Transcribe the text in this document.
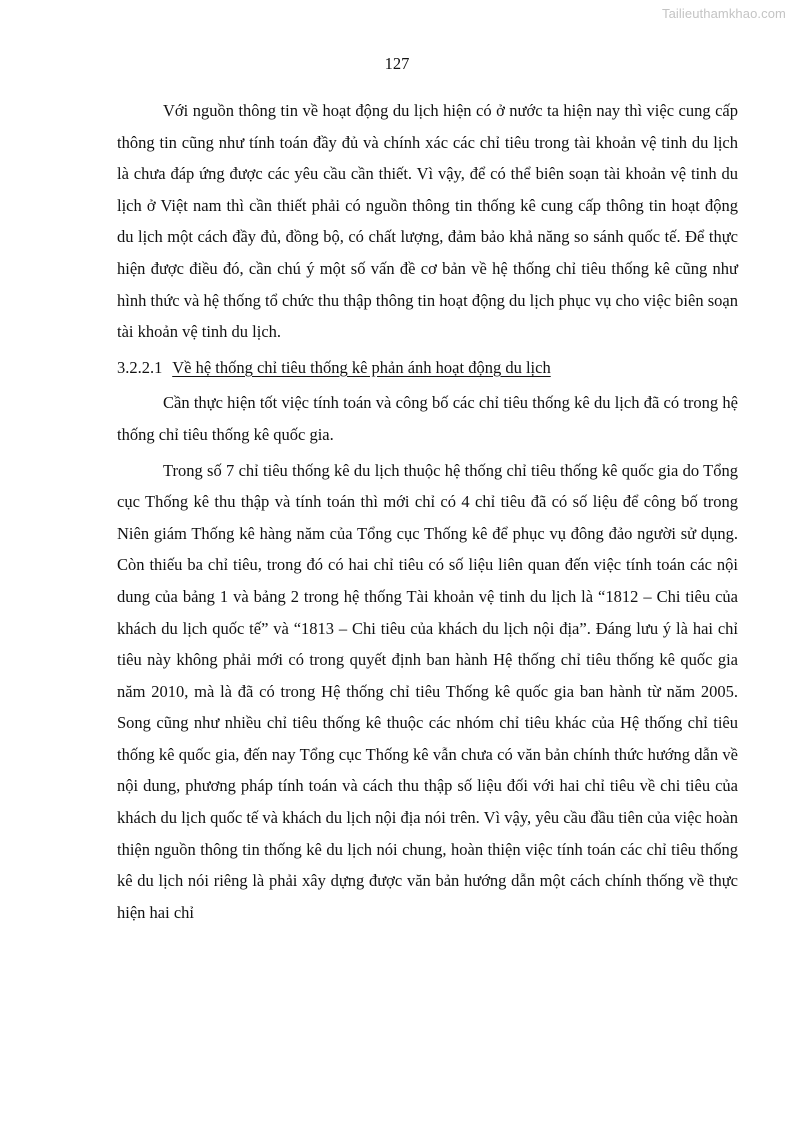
Tailieuthamkhao.com
127

Với nguồn thông tin về hoạt động du lịch hiện có ở nước ta hiện nay thì việc cung cấp thông tin cũng như tính toán đầy đủ và chính xác các chỉ tiêu trong tài khoản vệ tinh du lịch là chưa đáp ứng được các yêu cầu cần thiết. Vì vậy, để có thể biên soạn tài khoản vệ tinh du lịch ở Việt nam thì cần thiết phải có nguồn thông tin thống kê cung cấp thông tin hoạt động du lịch một cách đầy đủ, đồng bộ, có chất lượng, đảm bảo khả năng so sánh quốc tế. Để thực hiện được điều đó, cần chú ý một số vấn đề cơ bản về hệ thống chỉ tiêu thống kê cũng như hình thức và hệ thống tổ chức thu thập thông tin hoạt động du lịch phục vụ cho việc biên soạn tài khoản vệ tinh du lịch.

3.2.2.1 Về hệ thống chỉ tiêu thống kê phản ánh hoạt động du lịch

Cần thực hiện tốt việc tính toán và công bố các chỉ tiêu thống kê du lịch đã có trong hệ thống chỉ tiêu thống kê quốc gia.

Trong số 7 chỉ tiêu thống kê du lịch thuộc hệ thống chỉ tiêu thống kê quốc gia do Tổng cục Thống kê thu thập và tính toán thì mới chỉ có 4 chỉ tiêu đã có số liệu để công bố trong Niên giám Thống kê hàng năm của Tổng cục Thống kê để phục vụ đông đảo người sử dụng. Còn thiếu ba chỉ tiêu, trong đó có hai chỉ tiêu có số liệu liên quan đến việc tính toán các nội dung của bảng 1 và bảng 2 trong hệ thống Tài khoản vệ tinh du lịch là “1812 – Chi tiêu của khách du lịch quốc tế” và “1813 – Chi tiêu của khách du lịch nội địa”. Đáng lưu ý là hai chỉ tiêu này không phải mới có trong quyết định ban hành Hệ thống chỉ tiêu thống kê quốc gia năm 2010, mà là đã có trong Hệ thống chỉ tiêu Thống kê quốc gia ban hành từ năm 2005. Song cũng như nhiều chỉ tiêu thống kê thuộc các nhóm chỉ tiêu khác của Hệ thống chỉ tiêu thống kê quốc gia, đến nay Tổng cục Thống kê vẫn chưa có văn bản chính thức hướng dẫn về nội dung, phương pháp tính toán và cách thu thập số liệu đối với hai chỉ tiêu về chi tiêu của khách du lịch quốc tế và khách du lịch nội địa nói trên. Vì vậy, yêu cầu đầu tiên của việc hoàn thiện nguồn thông tin thống kê du lịch nói chung, hoàn thiện việc tính toán các chỉ tiêu thống kê du lịch nói riêng là phải xây dựng được văn bản hướng dẫn một cách chính thống về thực hiện hai chỉ
